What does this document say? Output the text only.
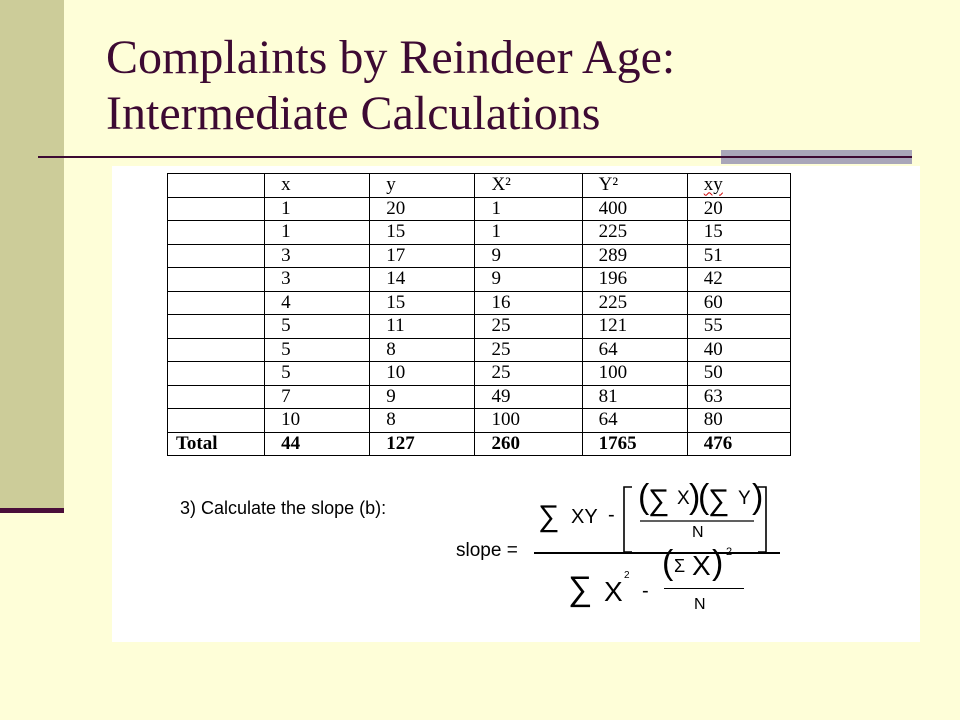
Complaints by Reindeer Age:
Intermediate Calculations
	x	y	X²	Y²	xy
	1	20	1	400	20
	1	15	1	225	15
	3	17	9	289	51
	3	14	9	196	42
	4	15	16	225	60
	5	11	25	121	55
	5	8	25	64	40
	5	10	25	100	50
	7	9	49	81	63
	10	8	100	64	80
Total	44	127	260	1765	476
3) Calculate the slope (b):
slope =
∑ XY - (
∑ X )
(
∑ Y )
N
∑ X
2
-
( Σ X ) 2
N
